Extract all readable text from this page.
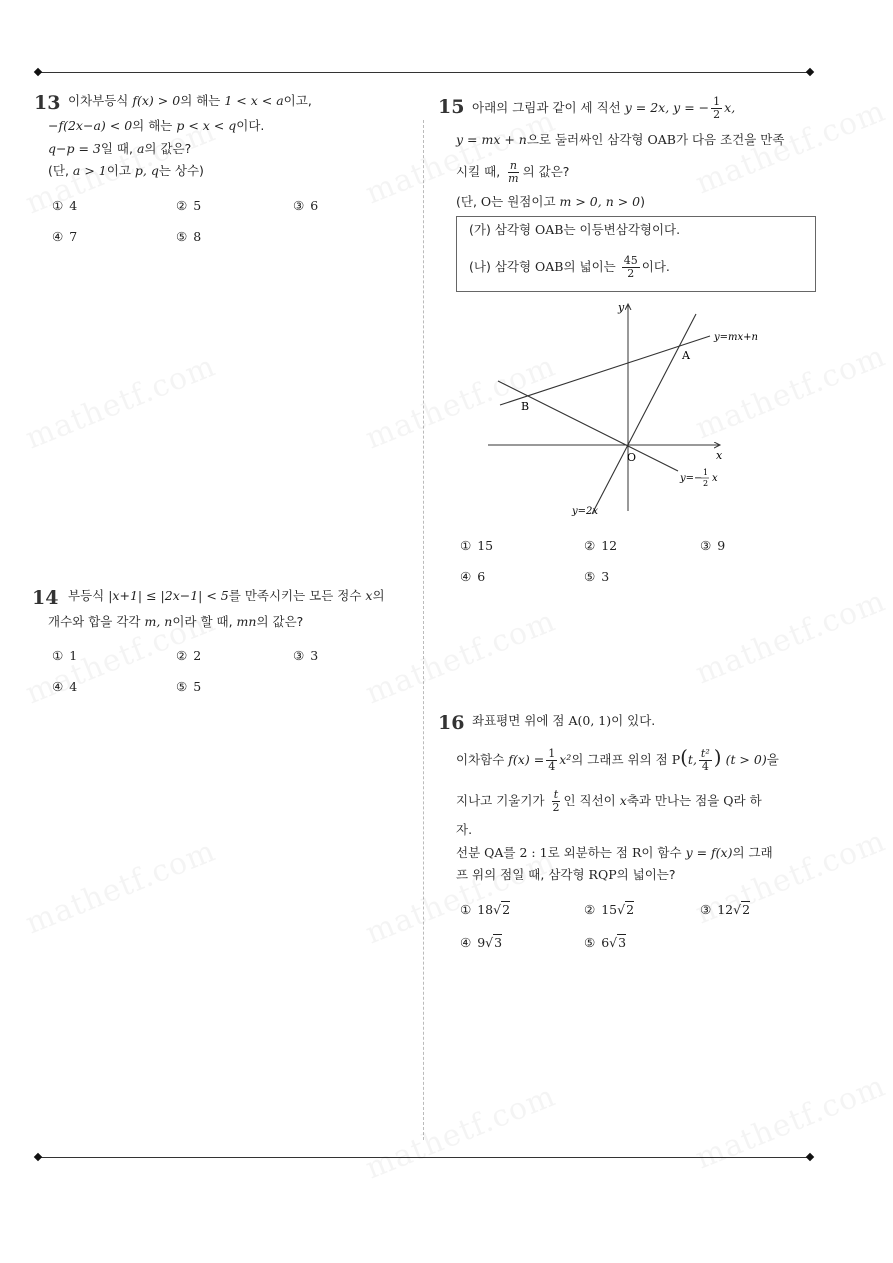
13 이차부등식 f(x) > 0의 해는 1 < x < a이고,
−f(2x−a) < 0의 해는 p < x < q이다.
q−p = 3일 때, a의 값은?
(단, a > 1이고 p, q는 상수)
① 4	② 5	③ 6
④ 7	⑤ 8
14 부등식 |x+1| ≤ |2x−1| < 5를 만족시키는 모든 정수 x의
개수와 합을 각각 m, n이라 할 때, mn의 값은?
① 1	② 2	③ 3
④ 4	⑤ 5
15 아래의 그림과 같이 세 직선 y = 2x, y = − $\frac{1}{2} x$,
y = mx + n으로 둘러싸인 삼각형 OAB가 다음 조건을 만족
시킬 때, $\frac{n}{m}$ 의 값은?
(단, O는 원점이고 m > 0, n > 0)
(가) 삼각형 OAB는 이등변삼각형이다.
(나) 삼각형 OAB의 넓이는 $\frac{45}{2}$ 이다.
y
x
O
A
B
y=mx+n
y=2x
y=−
1
2 x
① 15	② 12	③ 9
④ 6	⑤ 3
16 좌표평면 위에 점 A(0, 1)이 있다.
이차함수 $f(x) = \frac{1}{4} x^2$의 그래프 위의 점 P(t, $\frac{\text{t²}}{4}$ ) (t > 0)을
지나고 기울기가 $\frac{t}{2}$ 인 직선이 x축과 만나는 점을 Q라 하
자.
선분 QA를 2 : 1로 외분하는 점 R이 함수 y = f(x)의 그래
프 위의 점일 때, 삼각형 RQP의 넓이는?
① 18√2	② 15√2	③ 12√2
④ 9√3	⑤ 6√3
